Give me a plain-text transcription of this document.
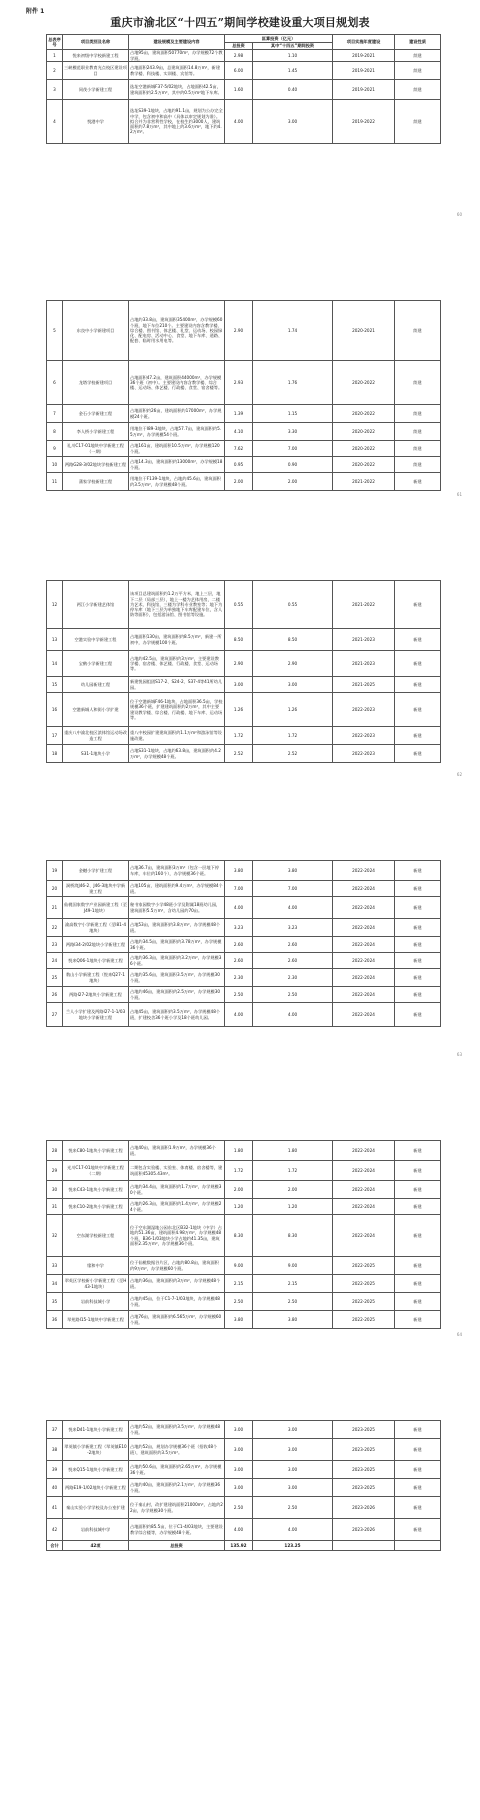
附件 1
重庆市渝北区“十四五”期间学校建设重大项目规划表
总表序号	项目类别及名称	建设规模及主要建设内容	匡算投资（亿元）		项目实施年度建设	建设性质
			总投资	其中“十四五”期间投资		
1	悦来初级中学校新建工程	占地95亩，建筑面积50770m²，办学规模72个教学班。	2.98	1.10	2019-2021	续建
2	三峡模范职业教育光点校区建设项目	占地面积243.9亩，总建筑面积14.8万m²，新建教学楼、科技楼、实训楼、宾馆等。	6.00	1.45	2019-2021	续建
3	同茂小学新建工程	选址空港新城F37-5/02地块，占地面积42.5亩，建筑面积约2.5万m²，其中约0.5万m²地下车库。	1.60	0.40	2019-2021	续建
4	悦港中学	选址S39-1地块，占地约91.1亩，规划为公办完全中学，包含初中和高中（具体以审定规划为准）。拟合并为非营利性学校，在校生约3000人，建筑面积约7.8万m²，其中地上约3.6万m²，地下约4.2万m²。	4.00	3.00	2019-2022	续建
5	东良中小学新建项目	占地约33.8亩，建筑面积35400m²，办学规模60个班，地下车位210个。主要建设内容含教学楼、综合楼、图书馆、体艺楼、礼堂、运动场、校园绿化、配电房、活动中心、食堂、地下车库、道路、配套、临时用水用电等。	2.90	1.74	2020-2021	续建
6	龙塔学校新建项目	占地面积47.2亩，建筑面积44000m²，办学规模36个班（初中）。主要建设内容含教学楼、综合楼、运动场、体艺楼、行政楼、食堂、宿舍楼等。	2.93	1.76	2020-2022	续建
7	金石小学新建工程	占地面积约26亩，建筑面积约17000m²，办学规模24个班。	1.39	1.15	2020-2022	续建
8	李人桥小学新建工程	用地位于I89-3地块，占地57.7亩，建筑面积约5.5万m²，办学规模54个班。	4.10	3.30	2020-2022	续建
9	礼川C17-01地块中学新建工程（一期）	占地161亩，建筑面积10.5万m²，办学规模120个班。	7.62	7.00	2020-2022	续建
10	两路G28-3/02地块学校新建工程	占地14.3亩，建筑面积约13000m²，办学规模18个班。	0.95	0.90	2020-2022	续建
11	蒲家学校新建工程	用地位于F139-1地块，占地约45.6亩，建筑面积约3.5万m²，办学规模48个班。	2.00	2.00	2021-2022	新建
12	两江小学新建艺体馆	该项目总建筑面积约1.2万平方米，地上三层，地下二层（局部三层），地上一楼为艺体用房，二楼为艺术、科技馆，三楼为学科专业教室等；地下为停车库（地下三层为单独地下车库配建车位，含人防等面积），包括游泳馆、图书馆等设施。	0.55	0.55	2021-2022	新建
13	空港实验中学新建工程	占地面积130亩，建筑面积约8.5万m²，新建一所初中，办学规模100个班。	8.50	8.50	2021-2023	新建
14	宝鹤小学新建工程	占地约42.5亩，建筑面积约3万m²，主要建设教学楼、宿舍楼、体艺楼、行政楼、食堂、运动场等。	2.90	2.90	2021-2023	新建
15	幼儿园新建工程	新建悦园组团S17-2、S24-2、S37-4等41所幼儿园。	3.00	3.00	2021-2025	新建
16	空港新城人和街小学扩建	位于空港新城F46-1地块，占地面积36.5亩，学校规模36个班，扩建建筑面积约2万m²，其中主要建设教学楼、综合楼、行政楼、地下车库、运动场等。	1.26	1.26	2022-2023	新建
17	重庆八中渝北校区滨体馆运动场改造工程	重八中校园扩建建筑面积约1.1万m²和游泳馆等设施改建。	1.72	1.72	2022-2023	新建
18	S31-1地块小学	占地S31-1地块，占地约63.8亩，建筑面积约4.2万m²，办学规模48个班。	2.52	2.52	2022-2023	新建
19	金樾小学扩建工程	占地36.7亩，建筑面积3万m²（包含一层地下停车库，车位约160个），办学规模36个班。	3.80	3.80	2022-2024	新建
20	洞桥湾J46-2、J46-3地块中学新建工程	占地105亩，建筑面积约9.4万m²，办学规模84个班。	7.00	7.00	2022-2024	新建
21	仙桃国家数字产业园新建工程（至J49-1地块）	秘书家园数字小学48班小学及附属18班幼儿园，建筑面积5.5万m²，含幼儿园约70亩。	4.00	4.00	2022-2024	新建
22	渝高数字小学新建工程（至I81-4地块）	占地53亩，建筑面积约3.8万m²，办学规模48个班。	3.23	3.23	2022-2024	新建
23	两路I34-2/02地块小学新建工程	占地约34.5亩，建筑面积约3.78万m²，办学规模36个班。	2.60	2.60	2022-2024	新建
24	悦来Q06-1地块小学新建工程	占地约36.3亩，建筑面积约3.2万m²，办学规模36个班。	2.60	2.60	2022-2024	新建
25	数山小学新建工程（悦来Q27-1地块）	占地约35.6亩，建筑面积3.5万m²，办学规模30个班。	2.30	2.30	2022-2024	新建
26	两路I27-2地块小学新建工程	占地约46亩，建筑面积约2.5万m²，办学规模30个班。	2.50	2.50	2022-2024	新建
27	兰人小学扩建及两路I27-1-1/03地块小学新建工程	占地45亩，建筑面积约3.5万m²，办学规模48个班，扩建校舍36个班小学及18个班幼儿园。	4.00	4.00	2022-2024	新建
28	悦来C80-1地块小学新建工程	占地40亩，建筑面积1.9万m²，办学规模36个班。	1.80	1.80	2022-2024	新建
29	光川C17-01地块中学新建工程（二期）	二期包含实验楼、实验室、体育楼、宿舍楼等，建筑面积45305.43m²。	1.72	1.72	2022-2024	新建
30	悦来C43-1地块小学新建工程	占地约34.4亩，建筑面积约1.7万m²，办学规模30个班。	2.00	2.00	2022-2024	新建
31	悦来C10-2地块小学新建工程	占地约26.3亩，建筑面积约1.4万m²，办学规模24个班。	1.20	1.20	2022-2024	新建
32	空东湖学校新建工程	位于空东湖湿地公园东北区B32-1地块（中学）占地约51.36亩，建筑面积4.98万m²，办学规模48个班，B36-1/03地块小学占地约41.35亩，建筑面积2.35万m²，办学规模36个班。	8.30	8.30	2022-2024	新建
33	缘和中学	位于仙桃数据谷片区，占地约80.8亩，建筑面积约9万m²，办学规模60个班。	9.00	9.00	2022-2025	新建
34	翠英区学校新小学新建工程（至H43-1地块）	占地约36亩，建筑面积约3万m²，办学规模48个班。	2.15	2.15	2022-2025	新建
35	岩前科技城小学	占地约45亩，位于C1-7-1/03地块，办学规模48个班。	2.50	2.50	2022-2025	新建
36	翠苑路I15-1地块中学新建工程	占地76亩，建筑面积约6.565万m²，办学规模60个班。	3.80	3.80	2022-2025	新建
37	悦来D41-1地块小学新建工程	占地约52亩，建筑面积约3.5万m²，办学规模48个班。	3.00	3.00	2023-2025	新建
38	翠英镇小学新建工程（翠英镇E10-2地块）	占地约52亩，规划办学规模36个班（招收48个班），建筑面积约3.5万m²。	3.00	3.00	2023-2025	新建
39	悦来Q15-1地块小学新建工程	占地约50.6亩，建筑面积约2.65万m²，办学规模36个班。	3.00	3.00	2023-2025	新建
40	两路E19-1/02地块小学新建工程	占地约40亩，建筑面积约2.1万m²，办学规模36个班。	3.00	3.00	2023-2025	新建
41	秦山实验小学学校及办公室扩建	位于秦山村，改扩建建筑面积21000m²，占地约22亩，办学规模30个班。	2.50	2.50	2023-2026	新建
42	岩前科技城中学	占地面积约85.5亩，位于C1-4/03地块，主要建设教学综合楼等，办学规模48个班。	4.00	4.00	2023-2026	新建
合计	42项	总投资	135.92	123.25		
60
61
62
63
64
